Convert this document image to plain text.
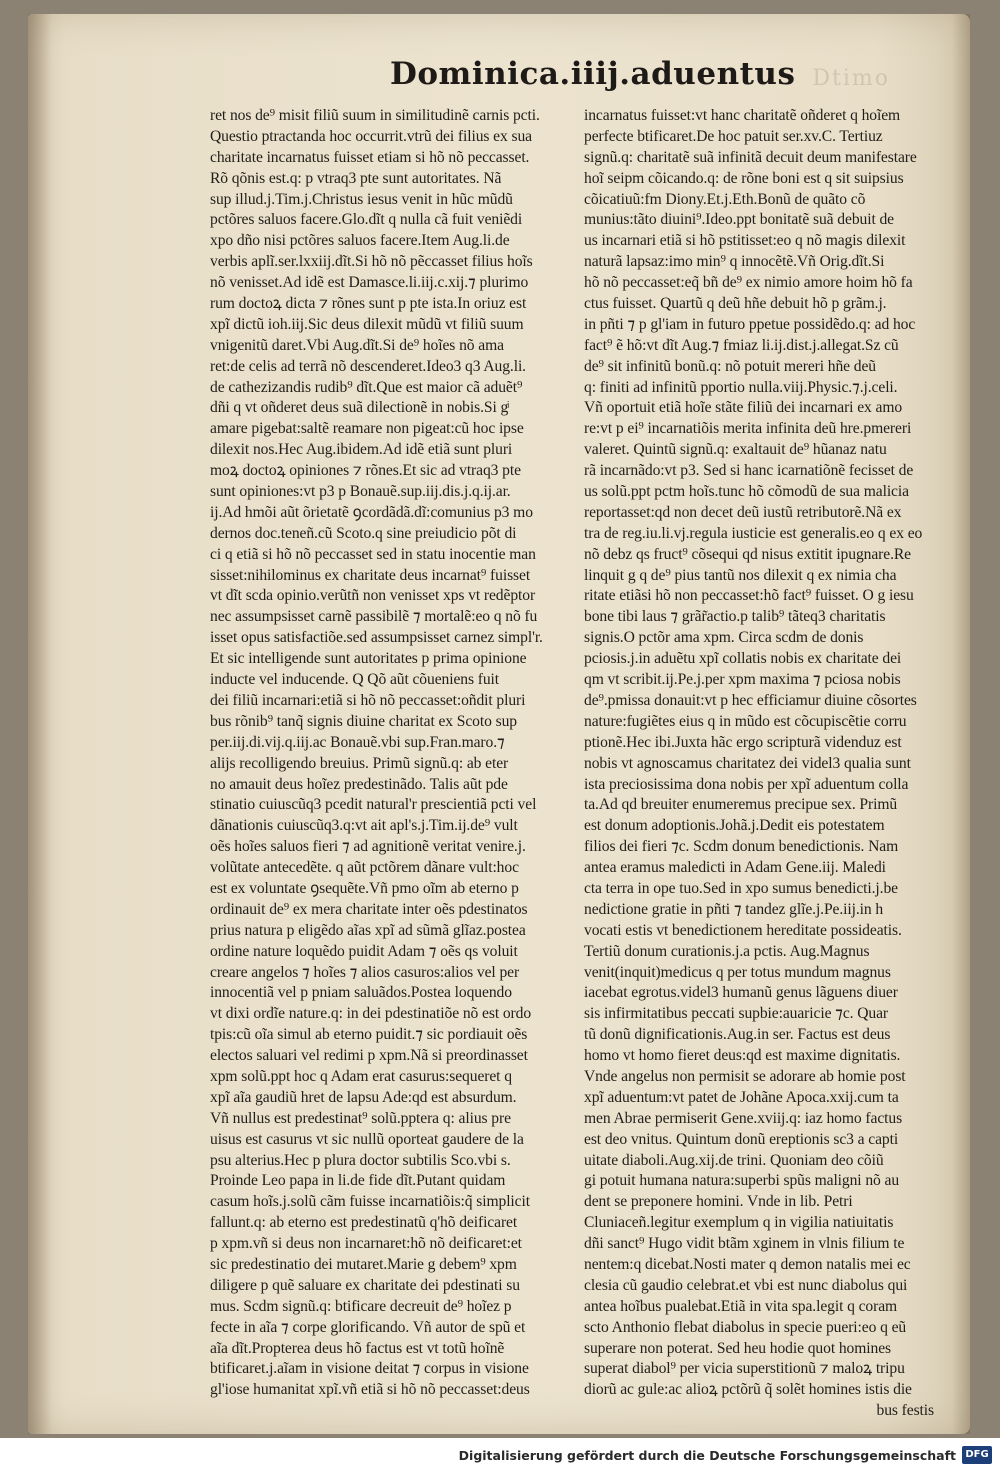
Dtimo
Dominica.iiij.aduentus
ret nos de⁹ misit filiũ suum in similitudinẽ carnis pcti.
Questio ptractanda hoc occurrit.vtrũ dei filius ex sua
charitate incarnatus fuisset etiam si hõ nõ peccasset.
Rõ qõnis est.q: p vtraq3 pte sunt autoritates. Nã
sup illud.j.Tim.j.Christus iesus venit in hũc mũdũ
pctõres saluos facere.Glo.dĩt q nulla cã fuit veniẽdi
xpo dño nisi pctõres saluos facere.Item Aug.li.de
verbis aplĩ.ser.lxxiij.dĩt.Si hõ nõ pẽccasset filius hoĩs
nõ venisset.Ad idẽ est Damasce.li.iij.c.xij.⁊ plurimo
rum doctoꝝ dicta ⁊ rõnes sunt p pte ista.In oriuz est
xpĩ dictũ ioh.iij.Sic deus dilexit mũdũ vt filiũ suum
vnigenitũ daret.Vbi Aug.dĩt.Si de⁹ hoĩes nõ ama
ret:de celis ad terrã nõ descenderet.Ideo3 q3 Aug.li.
de cathezizandis rudib⁹ dĩt.Que est maior cã aduẽt⁹
dñi q vt oñderet deus suã dilectionẽ in nobis.Si gͥ
amare pigebat:saltẽ reamare non pigeat:cũ hoc ipse
dilexit nos.Hec Aug.ibidem.Ad idẽ etiã sunt pluri
moꝝ doctoꝝ opiniones ⁊ rõnes.Et sic ad vtraq3 pte
sunt opiniones:vt p3 p Bonauẽ.sup.iij.dis.j.q.ij.ar.
ij.Ad hmõi aũt õrietatẽ ꝯcordãdã.dĩ:comunius p3 mo
dernos doc.teneñ.cũ Scoto.q sine preiudicio põt di
ci q etiã si hõ nõ peccasset sed in statu inocentie man
sisset:nihilominus ex charitate deus incarnat⁹ fuisset
vt dĩt scda opinio.verũtñ non venisset xps vt redẽptor
nec assumpsisset carnẽ passibilẽ ⁊ mortalẽ:eo q nõ fu
isset opus satisfactiõe.sed assumpsisset carnez simpl'r.
Et sic intelligende sunt autoritates p prima opinione
inducte vel inducende. Q Qõ aũt cõueniens fuit
dei filiũ incarnari:etiã si hõ nõ peccasset:oñdit pluri
bus rõnib⁹ tanq̃ signis diuine charitat ex Scoto sup
per.iij.di.vij.q.iij.ac Bonauẽ.vbi sup.Fran.maro.⁊
alijs recolligendo breuius. Primũ signũ.q: ab eter
no amauit deus hoĩez predestinãdo. Talis aũt pde
stinatio cuiuscũq3 pcedit natural'r prescientiã pcti vel
dãnationis cuiuscũq3.q:vt ait apl's.j.Tim.ij.de⁹ vult
oẽs hoĩes saluos fieri ⁊ ad agnitionẽ veritat venire.j.
volũtate antecedẽte. q aũt pctõrem dãnare vult:hoc
est ex voluntate ꝯsequẽte.Vñ pmo oĩm ab eterno p
ordinauit de⁹ ex mera charitate inter oẽs pdestinatos
prius natura p eligẽdo aĩas xpĩ ad sũmã glĩaz.postea
ordine nature loquẽdo puidit Adam ⁊ oẽs qs voluit
creare angelos ⁊ hoĩes ⁊ alios casuros:alios vel per
innocentiã vel p pniam saluãdos.Postea loquendo
vt dixi ordĩe nature.q: in dei pdestinatiõe nõ est ordo
tpis:cũ oĩa simul ab eterno puidit.⁊ sic pordiauit oẽs
electos saluari vel redimi p xpm.Nã si preordinasset
xpm solũ.ppt hoc q Adam erat casurus:sequeret q
xpĩ aĩa gaudiũ hret de lapsu Ade:qd est absurdum.
Vñ nullus est predestinat⁹ solũ.pptera q: alius pre
uisus est casurus vt sic nullũ oporteat gaudere de la
psu alterius.Hec p plura doctor subtilis Sco.vbi s.
Proinde Leo papa in li.de fide dĩt.Putant quidam
casum hoĩs.j.solũ cãm fuisse incarnatiõis:q̃ simplicit
fallunt.q: ab eterno est predestinatũ q'hõ deificaret
p xpm.vñ si deus non incarnaret:hõ nõ deificaret:et
sic predestinatio dei mutaret.Marie g debem⁹ xpm
diligere p quẽ saluare ex charitate dei pdestinati su
mus. Scdm signũ.q: btificare decreuit de⁹ hoĩez p
fecte in aĩa ⁊ corpe glorificando. Vñ autor de spũ et
aĩa dĩt.Propterea deus hõ factus est vt totũ hoĩnẽ
btificaret.j.aĩam in visione deitat ⁊ corpus in visione
gl'iose humanitat xpĩ.vñ etiã si hõ nõ peccasset:deus
incarnatus fuisset:vt hanc charitatẽ oñderet q hoĩem
perfecte btificaret.De hoc patuit ser.xv.C. Tertiuz
signũ.q: charitatẽ suã infinitã decuit deum manifestare
hoĩ seipm cõicando.q: de rõne boni est q sit suipsius
cõicatiuũ:fm Diony.Et.j.Eth.Bonũ de quãto cõ
munius:tãto diuini⁹.Ideo.ppt bonitatẽ suã debuit de
us incarnari etiã si hõ pstitisset:eo q nõ magis dilexit
naturã lapsaz:imo min⁹ q innocẽtẽ.Vñ Orig.dĩt.Si
hõ nõ peccasset:eq̃ bñ de⁹ ex nimio amore hoim hõ fa
ctus fuisset. Quartũ q deũ hñe debuit hõ p grãm.j.
in pñti ⁊ p gl'iam in futuro ppetue possidẽdo.q: ad hoc
fact⁹ ẽ hõ:vt dĩt Aug.⁊ fmiaz li.ij.dist.j.allegat.Sz cũ
de⁹ sit infinitũ bonũ.q: nõ potuit mereri hñe deũ
q: finiti ad infinitũ pportio nulla.viij.Physic.⁊.j.celi.
Vñ oportuit etiã hoĩe stãte filiũ dei incarnari ex amo
re:vt p ei⁹ incarnatiõis merita infinita deũ hre.pmereri
valeret. Quintũ signũ.q: exaltauit de⁹ hũanaz natu
rã incarnãdo:vt p3. Sed si hanc icarnatiõnẽ fecisset de
us solũ.ppt pctm hoĩs.tunc hõ cõmodũ de sua malicia
reportasset:qd non decet deũ iustũ retributorẽ.Nã ex
tra de reg.iu.li.vj.regula iusticie est generalis.eo q ex eo
nõ debz qs fruct⁹ cõsequi qd nisus extitit ipugnare.Re
linquit g q de⁹ pius tantũ nos dilexit q ex nimia cha
ritate etiãsi hõ non peccasset:hõ fact⁹ fuisset. O g iesu
bone tibi laus ⁊ grãr̃actio.p talib⁹ tãteq3 charitatis
signis.O pctõr ama xpm. Circa scdm de donis
pciosis.j.in aduẽtu xpĩ collatis nobis ex charitate dei
qm vt scribit.ij.Pe.j.per xpm maxima ⁊ pciosa nobis
de⁹.pmissa donauit:vt p hec efficiamur diuine cõsortes
nature:fugiẽtes eius q in mũdo est cõcupiscẽtie corru
ptionẽ.Hec ibi.Juxta hãc ergo scripturã videnduz est
nobis vt agnoscamus charitatez dei videl3 qualia sunt
ista preciosissima dona nobis per xpĩ aduentum colla
ta.Ad qd breuiter enumeremus precipue sex. Primũ
est donum adoptionis.Johã.j.Dedit eis potestatem
filios dei fieri ⁊c. Scdm donum benedictionis. Nam
antea eramus maledicti in Adam Gene.iij. Maledi
cta terra in ope tuo.Sed in xpo sumus benedicti.j.be
nedictione gratie in pñti ⁊ tandez glĩe.j.Pe.iij.in h
vocati estis vt benedictionem hereditate possideatis.
Tertiũ donum curationis.j.a pctis. Aug.Magnus
venit(inquit)medicus q per totus mundum magnus
iacebat egrotus.videl3 humanũ genus lãguens diuer
sis infirmitatibus peccati supbie:auaricie ⁊c. Quar
tũ donũ dignificationis.Aug.in ser. Factus est deus
homo vt homo fieret deus:qd est maxime dignitatis.
Vnde angelus non permisit se adorare ab homie post
xpĩ aduentum:vt patet de Johãne Apoca.xxij.cum ta
men Abrae permiserit Gene.xviij.q: iaz homo factus
est deo vnitus. Quintum donũ ereptionis sc3 a capti
uitate diaboli.Aug.xij.de trini. Quoniam deo cõiũ
gi potuit humana natura:superbi spũs maligni nõ au
dent se preponere homini. Vnde in lib. Petri
Cluniaceñ.legitur exemplum q in vigilia natiuitatis
dñi sanct⁹ Hugo vidit btãm xginem in vlnis filium te
nentem:q dicebat.Nosti mater q demon natalis mei ec
clesia cũ gaudio celebrat.et vbi est nunc diabolus qui
antea hoĩbus pualebat.Etiã in vita spa.legit q coram
scto Anthonio flebat diabolus in specie pueri:eo q eũ
superare non poterat. Sed heu hodie quot homines
superat diabol⁹ per vicia superstitionũ ⁊ maloꝝ tripu
diorũ ac gule:ac alioꝝ pctõrũ q̃ solẽt homines istis die
bus festis
Digitalisierung gefördert durch die Deutsche Forschungsgemeinschaft DFG
